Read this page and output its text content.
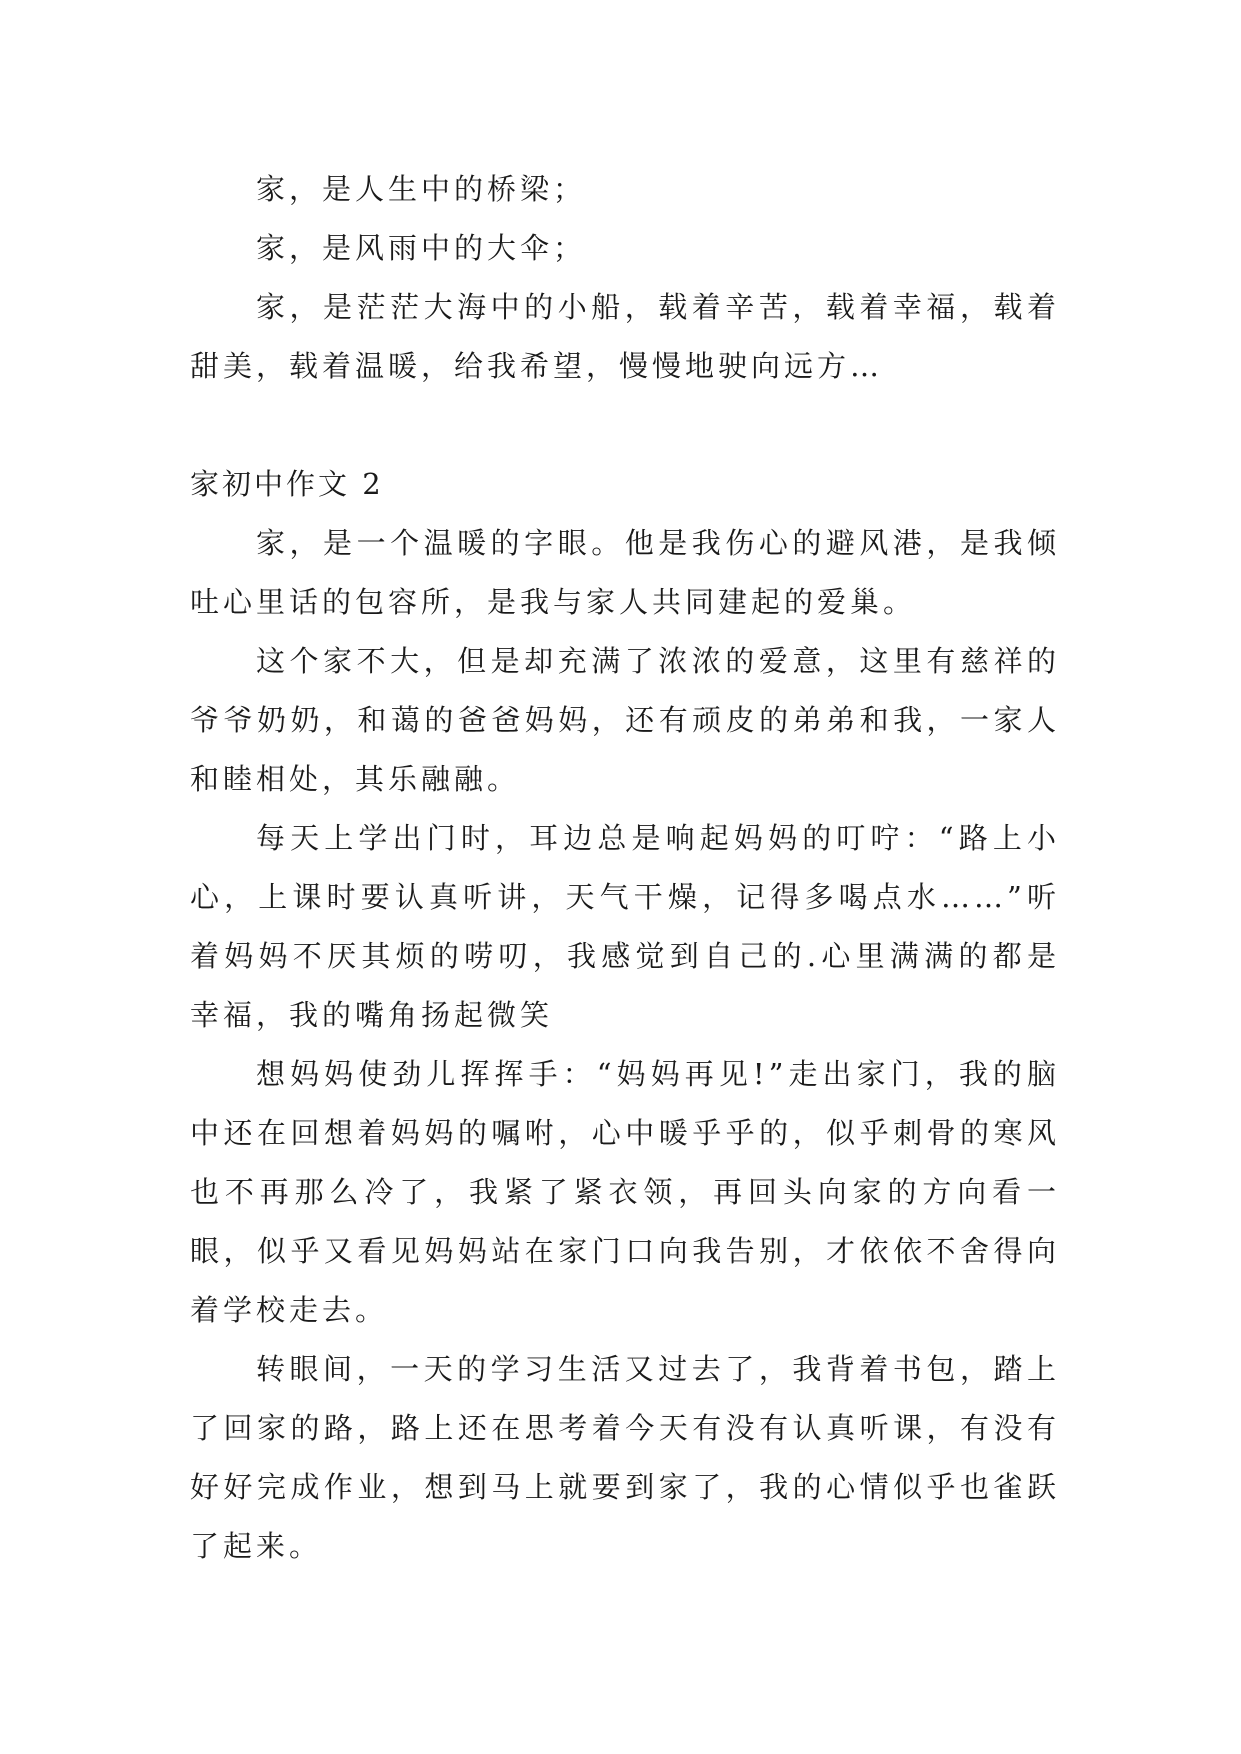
家，是人生中的桥梁；

家，是风雨中的大伞；

家，是茫茫大海中的小船，载着辛苦，载着幸福，载着甜美，载着温暖，给我希望，慢慢地驶向远方…

家初中作文 2

家，是一个温暖的字眼。他是我伤心的避风港，是我倾吐心里话的包容所，是我与家人共同建起的爱巢。

这个家不大，但是却充满了浓浓的爱意，这里有慈祥的爷爷奶奶，和蔼的爸爸妈妈，还有顽皮的弟弟和我，一家人和睦相处，其乐融融。

每天上学出门时，耳边总是响起妈妈的叮咛：“路上小心，上课时要认真听讲，天气干燥，记得多喝点水……”听着妈妈不厌其烦的唠叨，我感觉到自己的.心里满满的都是幸福，我的嘴角扬起微笑

想妈妈使劲儿挥挥手：“妈妈再见!”走出家门，我的脑中还在回想着妈妈的嘱咐，心中暖乎乎的，似乎刺骨的寒风也不再那么冷了，我紧了紧衣领，再回头向家的方向看一眼，似乎又看见妈妈站在家门口向我告别，才依依不舍得向着学校走去。

转眼间，一天的学习生活又过去了，我背着书包，踏上了回家的路，路上还在思考着今天有没有认真听课，有没有好好完成作业，想到马上就要到家了，我的心情似乎也雀跃了起来。
